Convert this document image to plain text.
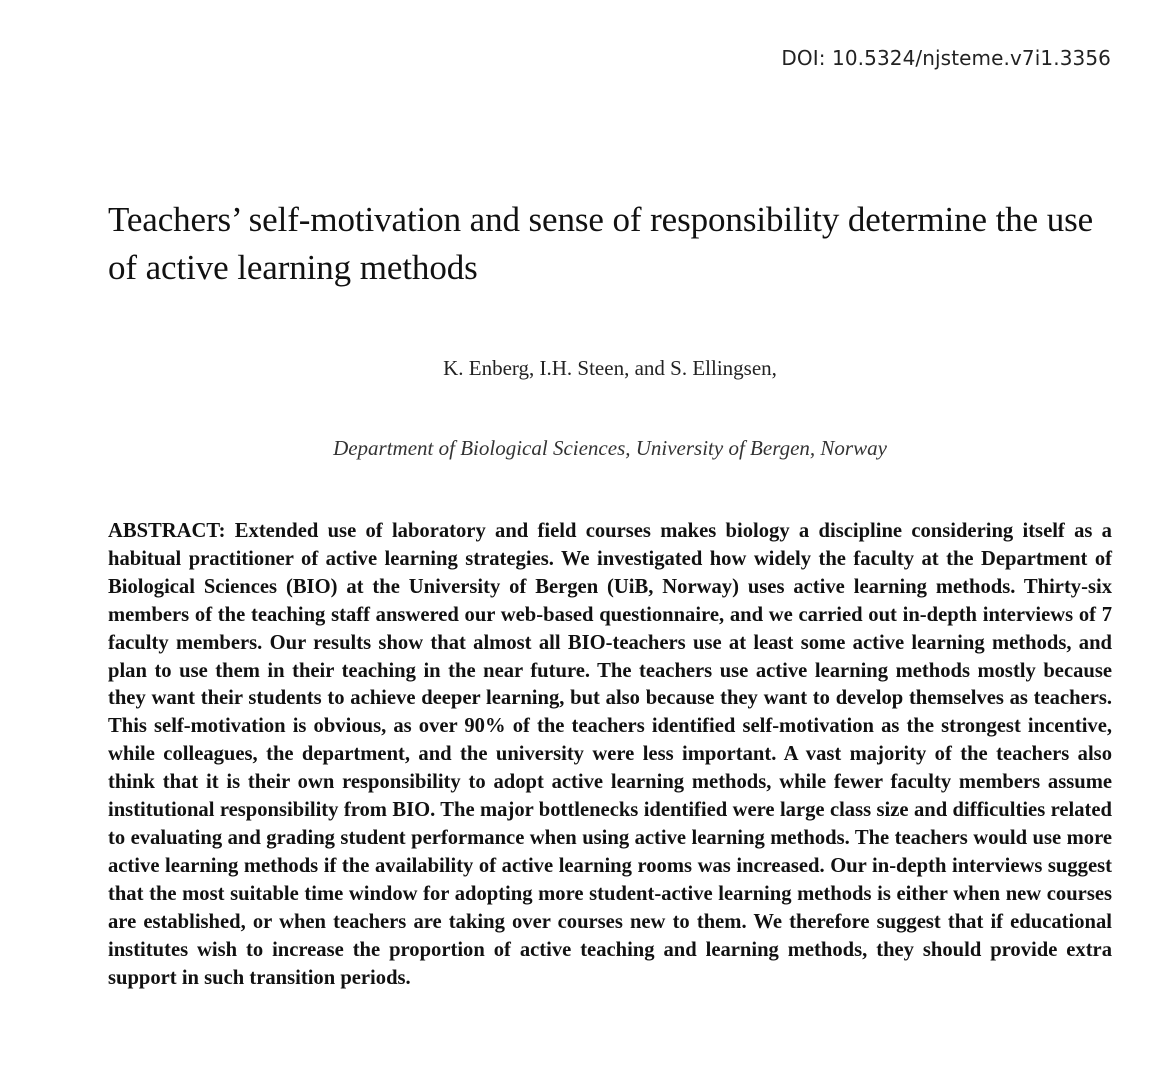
DOI: 10.5324/njsteme.v7i1.3356
Teachers’ self-motivation and sense of responsibility determine the use of active learning methods
K. Enberg, I.H. Steen, and S. Ellingsen,
Department of Biological Sciences, University of Bergen, Norway

ABSTRACT: Extended use of laboratory and field courses makes biology a discipline considering itself as a habitual practitioner of active learning strategies. We investigated how widely the faculty at the Department of Biological Sciences (BIO) at the University of Bergen (UiB, Norway) uses active learning methods. Thirty-six members of the teaching staff answered our web-based questionnaire, and we carried out in-depth interviews of 7 faculty members. Our results show that almost all BIO-teachers use at least some active learning methods, and plan to use them in their teaching in the near future. The teachers use active learning methods mostly because they want their students to achieve deeper learning, but also because they want to develop themselves as teachers. This self-motivation is obvious, as over 90% of the teachers identified self-motivation as the strongest incentive, while colleagues, the department, and the university were less important. A vast majority of the teachers also think that it is their own responsibility to adopt active learning methods, while fewer faculty members assume institutional responsibility from BIO. The major bottlenecks identified were large class size and difficulties related to evaluating and grading student performance when using active learning methods. The teachers would use more active learning methods if the availability of active learning rooms was increased. Our in-depth interviews suggest that the most suitable time window for adopting more student-active learning methods is either when new courses are established, or when teachers are taking over courses new to them. We therefore suggest that if educational institutes wish to increase the proportion of active teaching and learning methods, they should provide extra support in such transition periods.
